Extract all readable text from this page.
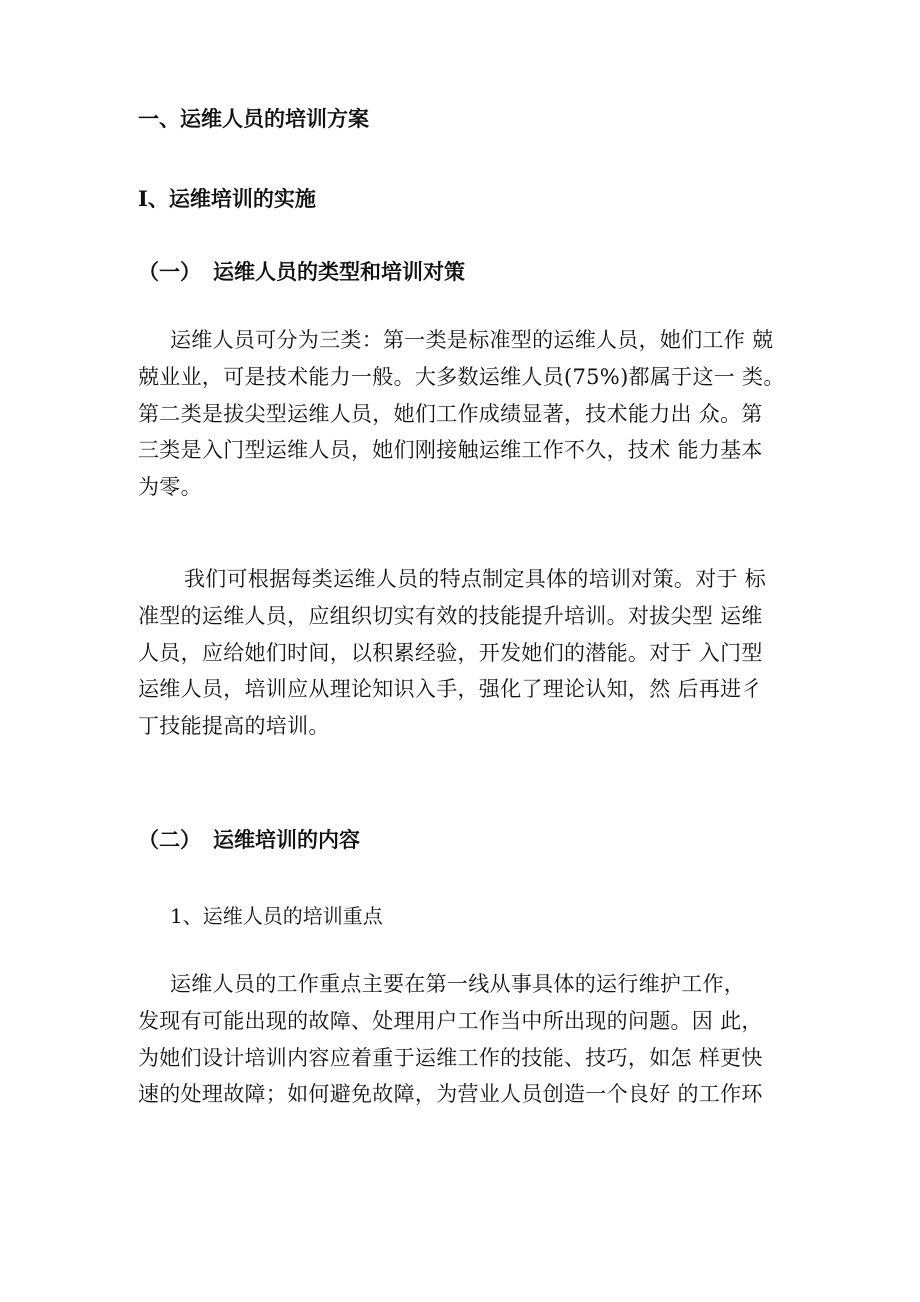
一、运维人员的培训方案
I、运维培训的实施
（一） 运维人员的类型和培训对策
运维人员可分为三类：第一类是标准型的运维人员，她们工作 兢
兢业业，可是技术能力一般。大多数运维人员(75%)都属于这一 类。
第二类是拔尖型运维人员，她们工作成绩显著，技术能力出 众。第
三类是入门型运维人员，她们刚接触运维工作不久，技术 能力基本
为零。
我们可根据每类运维人员的特点制定具体的培训对策。对于 标
准型的运维人员，应组织切实有效的技能提升培训。对拔尖型 运维
人员，应给她们时间，以积累经验，开发她们的潜能。对于 入门型
运维人员，培训应从理论知识入手，强化了理论认知，然 后再进彳
丁技能提高的培训。
（二） 运维培训的内容
1、运维人员的培训重点
运维人员的工作重点主要在第一线从事具体的运行维护工作，
发现有可能出现的故障、处理用户工作当中所出现的问题。因 此，
为她们设计培训内容应着重于运维工作的技能、技巧，如怎 样更快
速的处理故障；如何避免故障，为营业人员创造一个良好 的工作环
